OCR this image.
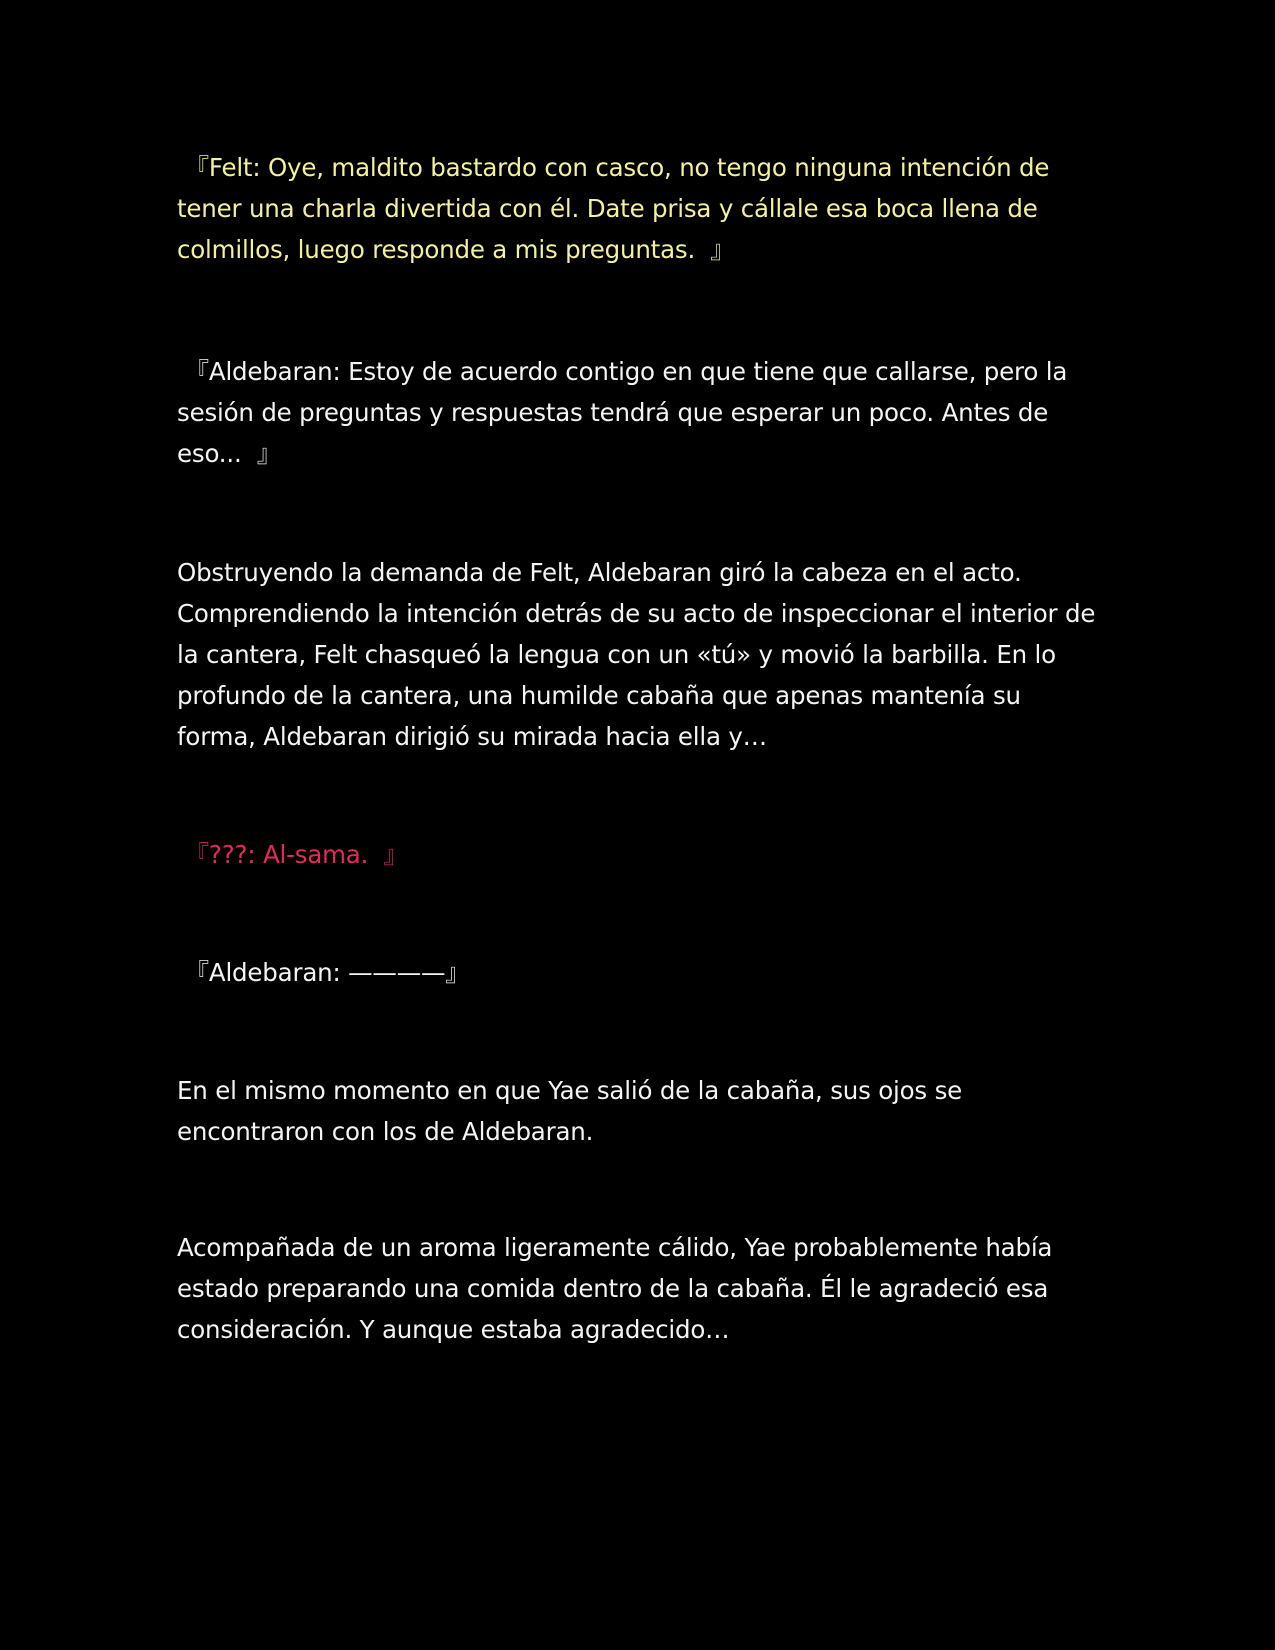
『Felt: Oye, maldito bastardo con casco, no tengo ninguna intención de tener una charla divertida con él. Date prisa y cállale esa boca llena de colmillos, luego responde a mis preguntas.  』

『Aldebaran: Estoy de acuerdo contigo en que tiene que callarse, pero la sesión de preguntas y respuestas tendrá que esperar un poco. Antes de eso...  』

Obstruyendo la demanda de Felt, Aldebaran giró la cabeza en el acto. Comprendiendo la intención detrás de su acto de inspeccionar el interior de la cantera, Felt chasqueó la lengua con un «tú» y movió la barbilla. En lo profundo de la cantera, una humilde cabaña que apenas mantenía su forma, Aldebaran dirigió su mirada hacia ella y…

『???: Al-sama.  』

『Aldebaran: ————』

En el mismo momento en que Yae salió de la cabaña, sus ojos se encontraron con los de Aldebaran.

Acompañada de un aroma ligeramente cálido, Yae probablemente había estado preparando una comida dentro de la cabaña. Él le agradeció esa consideración. Y aunque estaba agradecido…
